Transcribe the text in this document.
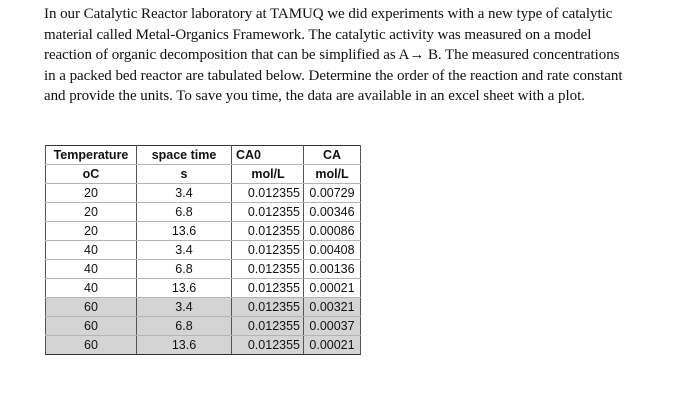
In our Catalytic Reactor laboratory at TAMUQ we did experiments with a new type of catalytic
material called Metal-Organics Framework. The catalytic activity was measured on a model
reaction of organic decomposition that can be simplified as A→ B. The measured concentrations
in a packed bed reactor are tabulated below. Determine the order of the reaction and rate constant
and provide the units. To save you time, the data are available in an excel sheet with a plot.
Temperature	space time	CA0	CA
oC	s	mol/L	mol/L
20	3.4	0.012355	0.00729
20	6.8	0.012355	0.00346
20	13.6	0.012355	0.00086
40	3.4	0.012355	0.00408
40	6.8	0.012355	0.00136
40	13.6	0.012355	0.00021
60	3.4	0.012355	0.00321
60	6.8	0.012355	0.00037
60	13.6	0.012355	0.00021
